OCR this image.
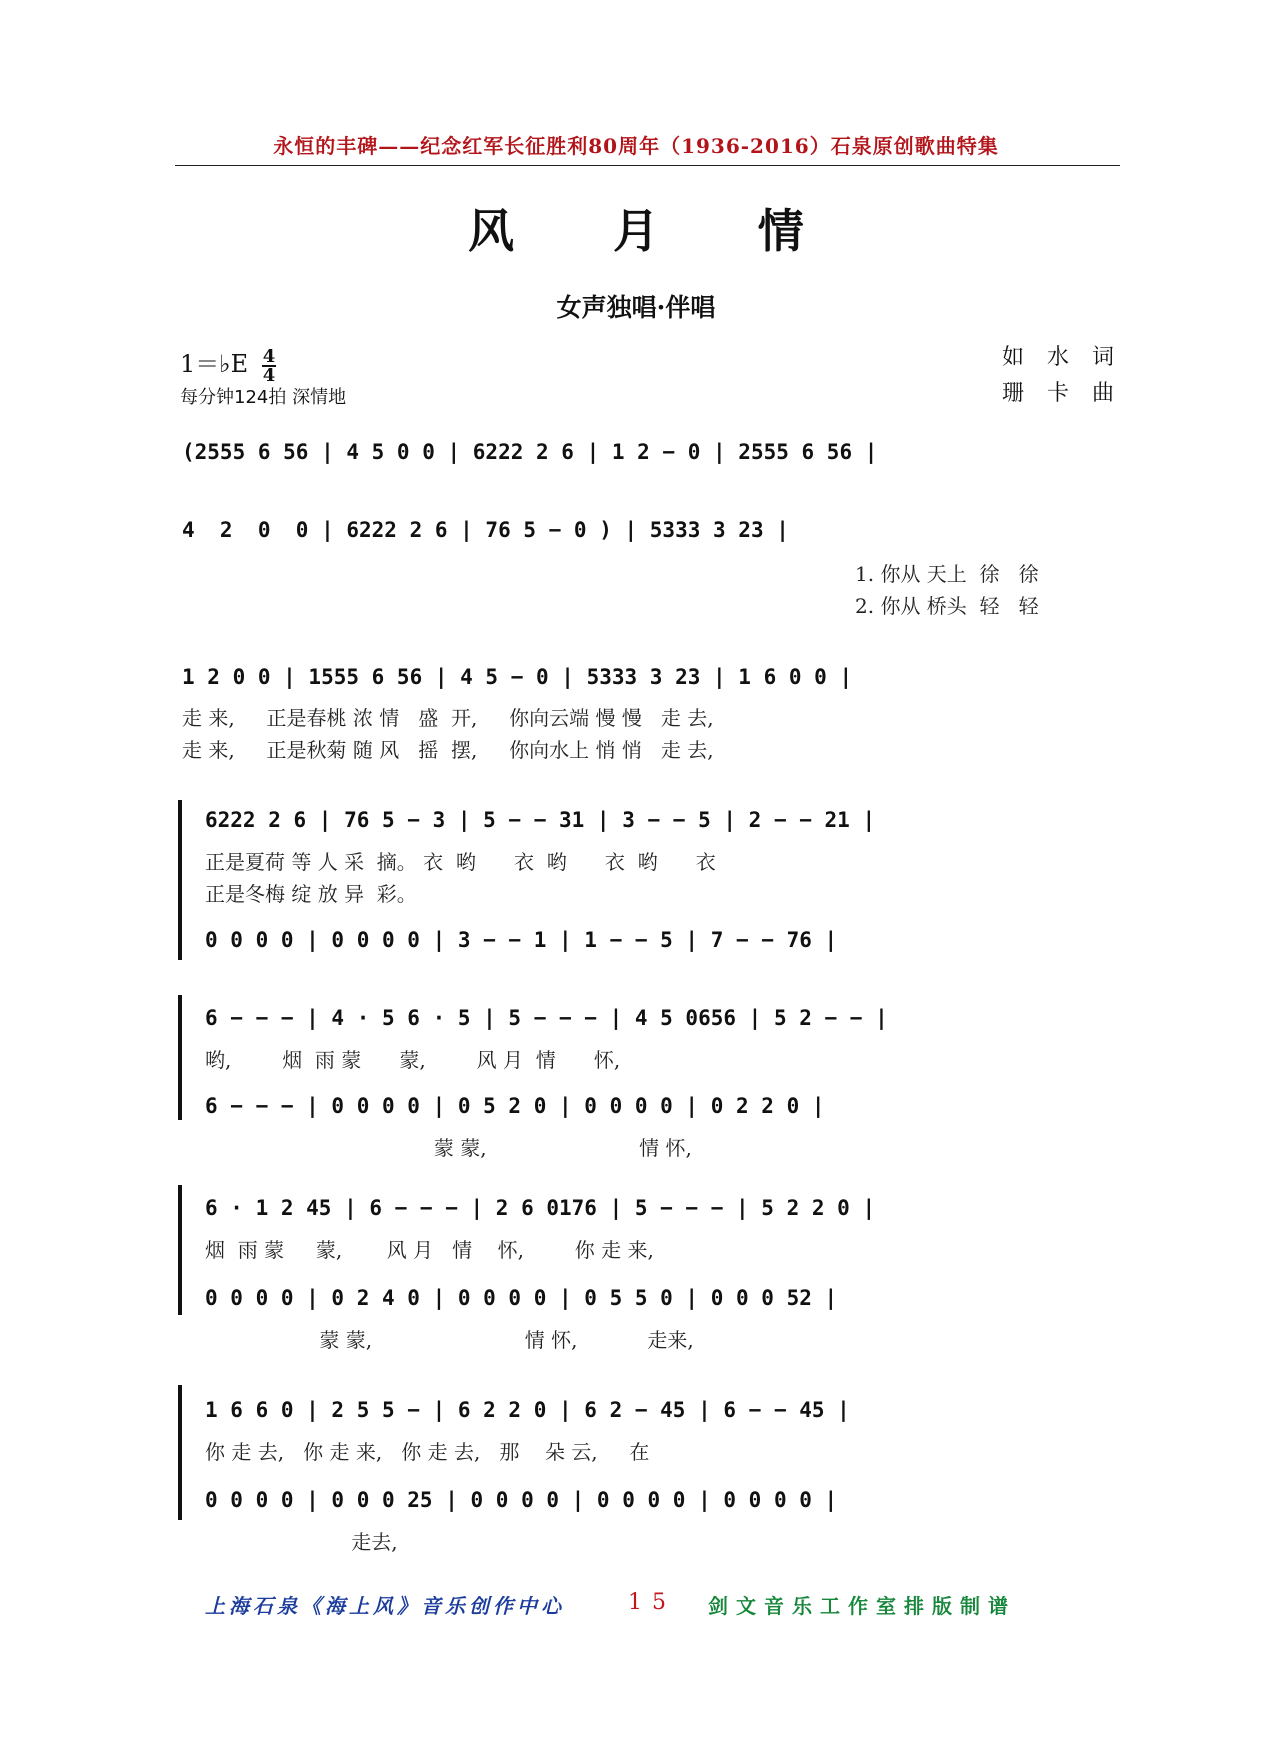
永恒的丰碑——纪念红军长征胜利80周年（1936-2016）石泉原创歌曲特集
风 月 情
女声独唱·伴唱
1＝♭E $\frac{4}{4}$
每分钟124拍 深情地
如 水 词
珊 卡 曲
(2555 6 56 | 4 5 0 0 | 6222 2 6 | 1 2 − 0 | 2555 6 56 |
4  2  0  0 | 6222 2 6 | 76 5 − 0 ) | 5333 3 23 |
1. 你从 天上  徐   徐
2. 你从 桥头  轻   轻
1 2 0 0 | 1555 6 56 | 4 5 − 0 | 5333 3 23 | 1 6 0 0 |
走 来,     正是春桃 浓 情   盛  开,     你向云端 慢 慢   走 去,
走 来,     正是秋菊 随 风   摇  摆,     你向水上 悄 悄   走 去,
6222 2 6 | 76 5 − 3 | 5 − − 31 | 3 − − 5 | 2 − − 21 |
正是夏荷 等 人 采  摘。 衣  哟      衣  哟      衣  哟      衣
正是冬梅 绽 放 异  彩。
0 0 0 0 | 0 0 0 0 | 3 − − 1 | 1 − − 5 | 7 − − 76 |
6 − − − | 4 · 5 6 · 5 | 5 − − − | 4 5 0656 | 5 2 − − |
哟,        烟  雨 蒙      蒙,        风 月  情      怀,
6 − − − | 0 0 0 0 | 0 5 2 0 | 0 0 0 0 | 0 2 2 0 |
蒙 蒙,                        情 怀,
6 · 1 2 45 | 6 − − − | 2 6 0176 | 5 − − − | 5 2 2 0 |
烟  雨 蒙     蒙,       风 月   情    怀,        你 走 来,
0 0 0 0 | 0 2 4 0 | 0 0 0 0 | 0 5 5 0 | 0 0 0 52 |
蒙 蒙,                        情 怀,           走来,
1 6 6 0 | 2 5 5 − | 6 2 2 0 | 6 2 − 45 | 6 − − 45 |
你 走 去,   你 走 来,   你 走 去,   那    朵 云,     在
0 0 0 0 | 0 0 0 25 | 0 0 0 0 | 0 0 0 0 | 0 0 0 0 |
走去,
上海石泉《海上风》音乐创作中心	15 剑文音乐工作室排版制谱
